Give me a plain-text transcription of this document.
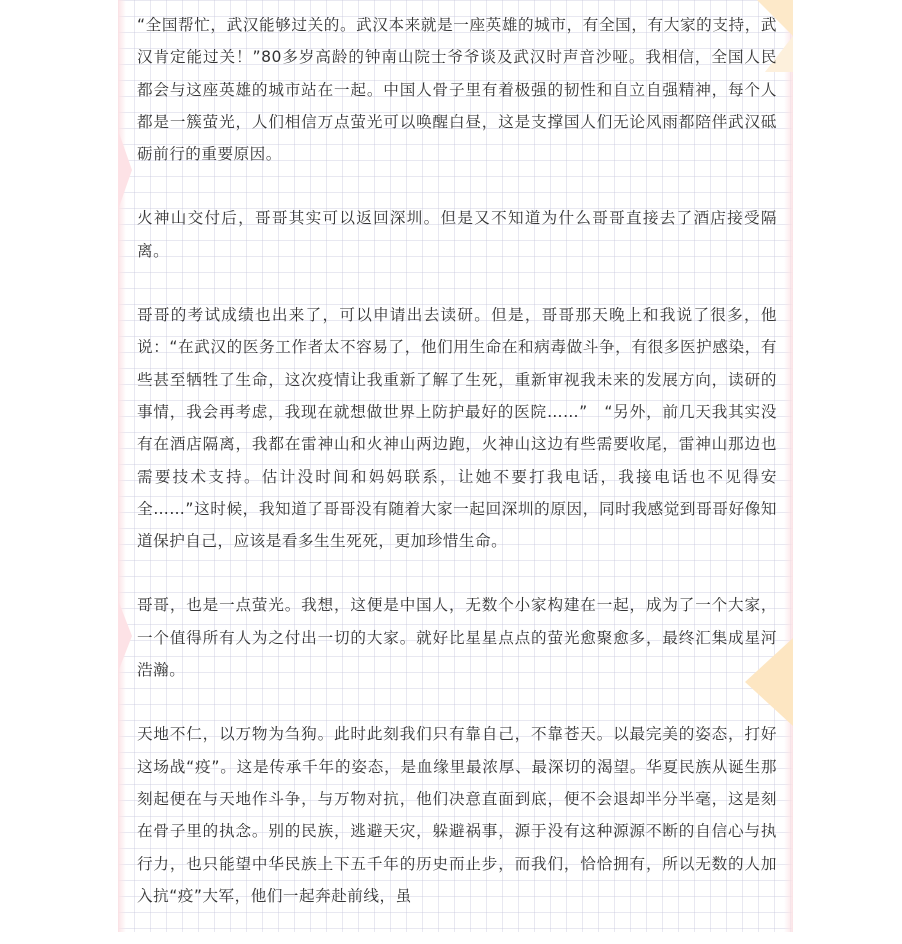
“全国帮忙，武汉能够过关的。武汉本来就是一座英雄的城市，有全国，有大家的支持，武汉肯定能过关！”80多岁高龄的钟南山院士爷爷谈及武汉时声音沙哑。我相信，全国人民都会与这座英雄的城市站在一起。中国人骨子里有着极强的韧性和自立自强精神，每个人都是一簇萤光，人们相信万点萤光可以唤醒白昼，这是支撑国人们无论风雨都陪伴武汉砥砺前行的重要原因。

火神山交付后，哥哥其实可以返回深圳。但是又不知道为什么哥哥直接去了酒店接受隔离。

哥哥的考试成绩也出来了，可以申请出去读研。但是，哥哥那天晚上和我说了很多，他说：“在武汉的医务工作者太不容易了，他们用生命在和病毒做斗争，有很多医护感染，有些甚至牺牲了生命，这次疫情让我重新了解了生死，重新审视我未来的发展方向，读研的事情，我会再考虑，我现在就想做世界上防护最好的医院……”　“另外，前几天我其实没有在酒店隔离，我都在雷神山和火神山两边跑，火神山这边有些需要收尾，雷神山那边也需要技术支持。估计没时间和妈妈联系，让她不要打我电话，我接电话也不见得安全……”这时候，我知道了哥哥没有随着大家一起回深圳的原因，同时我感觉到哥哥好像知道保护自己，应该是看多生生死死，更加珍惜生命。

哥哥，也是一点萤光。我想，这便是中国人，无数个小家构建在一起，成为了一个大家，一个值得所有人为之付出一切的大家。就好比星星点点的萤光愈聚愈多，最终汇集成星河浩瀚。

天地不仁，以万物为刍狗。此时此刻我们只有靠自己，不靠苍天。以最完美的姿态，打好这场战“疫”。这是传承千年的姿态，是血缘里最浓厚、最深切的渴望。华夏民族从诞生那刻起便在与天地作斗争，与万物对抗，他们决意直面到底，便不会退却半分半毫，这是刻在骨子里的执念。别的民族，逃避天灾，躲避祸事，源于没有这种源源不断的自信心与执行力，也只能望中华民族上下五千年的历史而止步，而我们，恰恰拥有，所以无数的人加入抗“疫”大军，他们一起奔赴前线，虽
